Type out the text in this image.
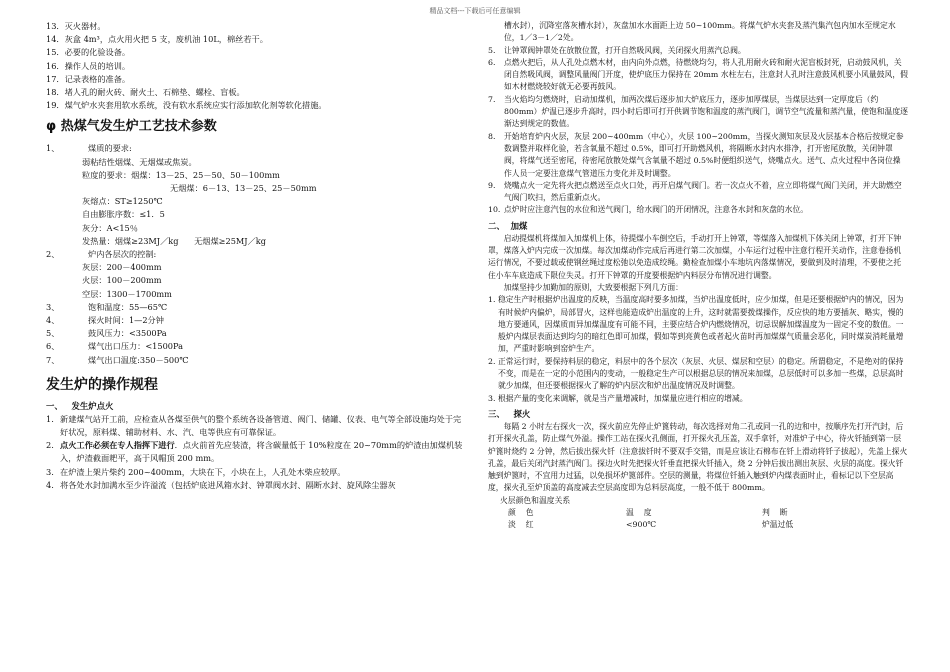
精品文档---下载后可任意编辑

13．灭火器材。

14．灰盒 4m³，点火用火把 5 支，废机油 10L，棉丝若干。

15．必要的化验设备。

16．操作人员的培训。

17．记录表格的准备。

18．堵人孔的耐火砖、耐火土、石棉垫、螺栓、盲板。

19．煤气炉水夹套用软水系统，没有软水系统应实行添加软化剂等软化措施。

φ 热煤气发生炉工艺技术参数
1、	煤质的要求:

弱粘结性烟煤、无烟煤或焦炭。

粒度的要求：烟煤：13－25、25－50、50－100mm

无烟煤：6－13、13－25、25－50mm

灰熔点：ST≥1250℃

自由膨胀序数：≤1．5

灰分：A<15％

发热量：烟煤≥23MJ／kg      无烟煤≥25MJ／kg

2、	炉内各层次的控制:

灰层：200－400mm

火层：100－200mm

空层：1300－1700mm

3、	饱和温度：55—65℃
4、	探火时间：1—2分钟
5、	鼓风压力：<3500Pa
6、	煤气出口压力：<1500Pa
7、	煤气出口温度:350－500℃
发生炉的操作规程
一、   发生炉点火
1. 新建煤气站开工前，应检查从各煤至供气的整个系统各设备管道、阀门、储罐、仪表、电气等全部设施均处于完好状况，原料煤、辅助材料、水、汽、电等供应有可靠保证。
2. 点火工作必须在专人指挥下进行．点火前首先应装渣，将含碳量低于 10%粒度在 20~70mm的炉渣由加煤机装入，炉渣截面耙平，高于风帽顶 200 mm。
3. 在炉渣上架片柴约 200~400mm，大块在下，小块在上，人孔处木柴应较厚。
4. 将各处水封加满水至少许溢流（包括炉底进风箱水封、钟罩阀水封、隔断水封、旋风除尘器灰

槽水封），沉降室落灰槽水封），灰盘加水水面距上边 50~100mm。将煤气炉水夹套及蒸汽集汽包内加水至规定水位，1／3－1／2处。

5.	让钟罩阀钟罩处在放散位置，打开自然吸风阀，关闭探火用蒸汽总阀。
6.	点燃火把后，从人孔处点燃木材，由内向外点燃，待燃烧均匀，将人孔用耐火砖和耐火泥盲板封死，启动鼓风机，关闭自然吸风阀，调整风量阀门开度，使炉底压力保持在 20mm 水柱左右，注意封人孔时注意鼓风机要小风量鼓风，假如木材燃烧较好就无必要再鼓风。
7.	当火焰均匀燃烧时，启动加煤机，加两次煤后逐步加大炉底压力，逐步加厚煤层，当煤层达到一定厚度后（约 800mm）炉温已逐步升高时，四小时后即可打开供调节饱和温度的蒸汽阀门，调节空气流量和蒸汽量，使饱和温度逐渐达到规定的数值。
8.	开始培育炉内火层，灰层 200~400mm（中心），火层 100~200mm，当探火测知灰层及火层基本合格后按规定参数调整并取样化验，若含氧量不超过 0.5%，即可打开助燃风机，将隔断水封内水排净，打开密尾放散，关闭钟罩阀，将煤气送至密尾，待密尾放散处煤气含氧量不超过 0.5%时便组织送气，烧嘴点火。送气、点火过程中各岗位操作人员一定要注意煤气管道压力变化并及时调整。
9.	烧嘴点火一定先将火把点燃送至点火口处，再开启煤气阀门。若一次点火不着，应立即将煤气阀门关闭，并大助燃空气阀门吹扫，然后重新点火。
10. 点炉时应注意汽包的水位和送气阀门，给水阀门的开闭情况，注意各水封和灰盘的水位。
二、  加煤

启动提煤机将煤加入加煤机上体，待提煤小车倒空后，手动打开上钟罩，等煤落入加煤机下体关闭上钟罩，打开下钟罩，煤落入炉内完成一次加煤。每次加煤动作完成后再进行第二次加煤，小车运行过程中注意行程开关动作，注意卷扬机运行情况，不要过载或使钢丝绳过度松弛以免造成绞绳。勤检查加煤小车地坑内落煤情况，要做到及时清理，不要使之托住小车车底造成下限位失灵。打开下钟罩的开度要根据炉内料层分布情况进行调整。

加煤坚持少加勤加的原则，大致要根据下列几方面：

1. 稳定生产时根据炉出温度的反映，当温度高时要多加煤，当炉出温度低时，应少加煤，但是还要根据炉内的情况，因为有时候炉内偏炉，局部冒火，这样也能造成炉出温度的上升，这时就需要拨煤操作，反应快的地方要插灰、略实，慢的地方要通风，因煤质而异加煤温度有可能不同，主要应结合炉内燃烧情况，切忌误解加煤温度为一固定不变的数值。一般炉内煤层表面达到均匀的暗红色即可加煤，假如等到亮黄色或者起火苗时再加煤煤气质量会恶化，同时煤炭消耗量增加，严重时影响到窑炉生产。
2. 正常运行时，要保持料层的稳定，料层中的各个层次（灰层、火层、煤层和空层）的稳定。所谓稳定，不是绝对的保持不变，而是在一定的小范围内的变动，一般稳定生产可以根据总层的情况来加煤，总层低时可以多加一些煤，总层高时就少加煤，但还要根据探火了解的炉内层次和炉出温度情况及时调整。
3. 根据产量的变化来调解，就是当产量增减时，加煤量应进行相应的增减。
三、   探火

每隔 2 小时左右探火一次，探火前应先停止炉篦转动，每次选择对角二孔或同一孔的边和中，按顺序先打开汽封，后打开探火孔盖，防止煤气外溢。操作工站在探火孔侧面，打开探火孔压盖，双手拿钎，对准炉子中心，待火钎插到第一层炉篦时烧约 2 分钟，然后拔出探火钎（注意拔钎时不要双手交错，而是应该让石棉布在钎上滑动将钎子拔起），先盖上探火孔盖，最后关闭汽封蒸汽阀门。探边火时先把探火钎垂直把探火钎插入，烧 2 分钟后拔出测出灰层、火层的高度。探火钎触到炉篦时，不宜用力过猛，以免损坏炉篦部件。空层的测量，将煤位钎插入触到炉内煤表面时止，看标记以下空层高度，探火孔至炉顶盖的高度减去空层高度即为总料层高度，一般不低于 800mm。

火层颜色和温度关系

颜    色	温    度	判    断
淡    红	<900℃	炉温过低
